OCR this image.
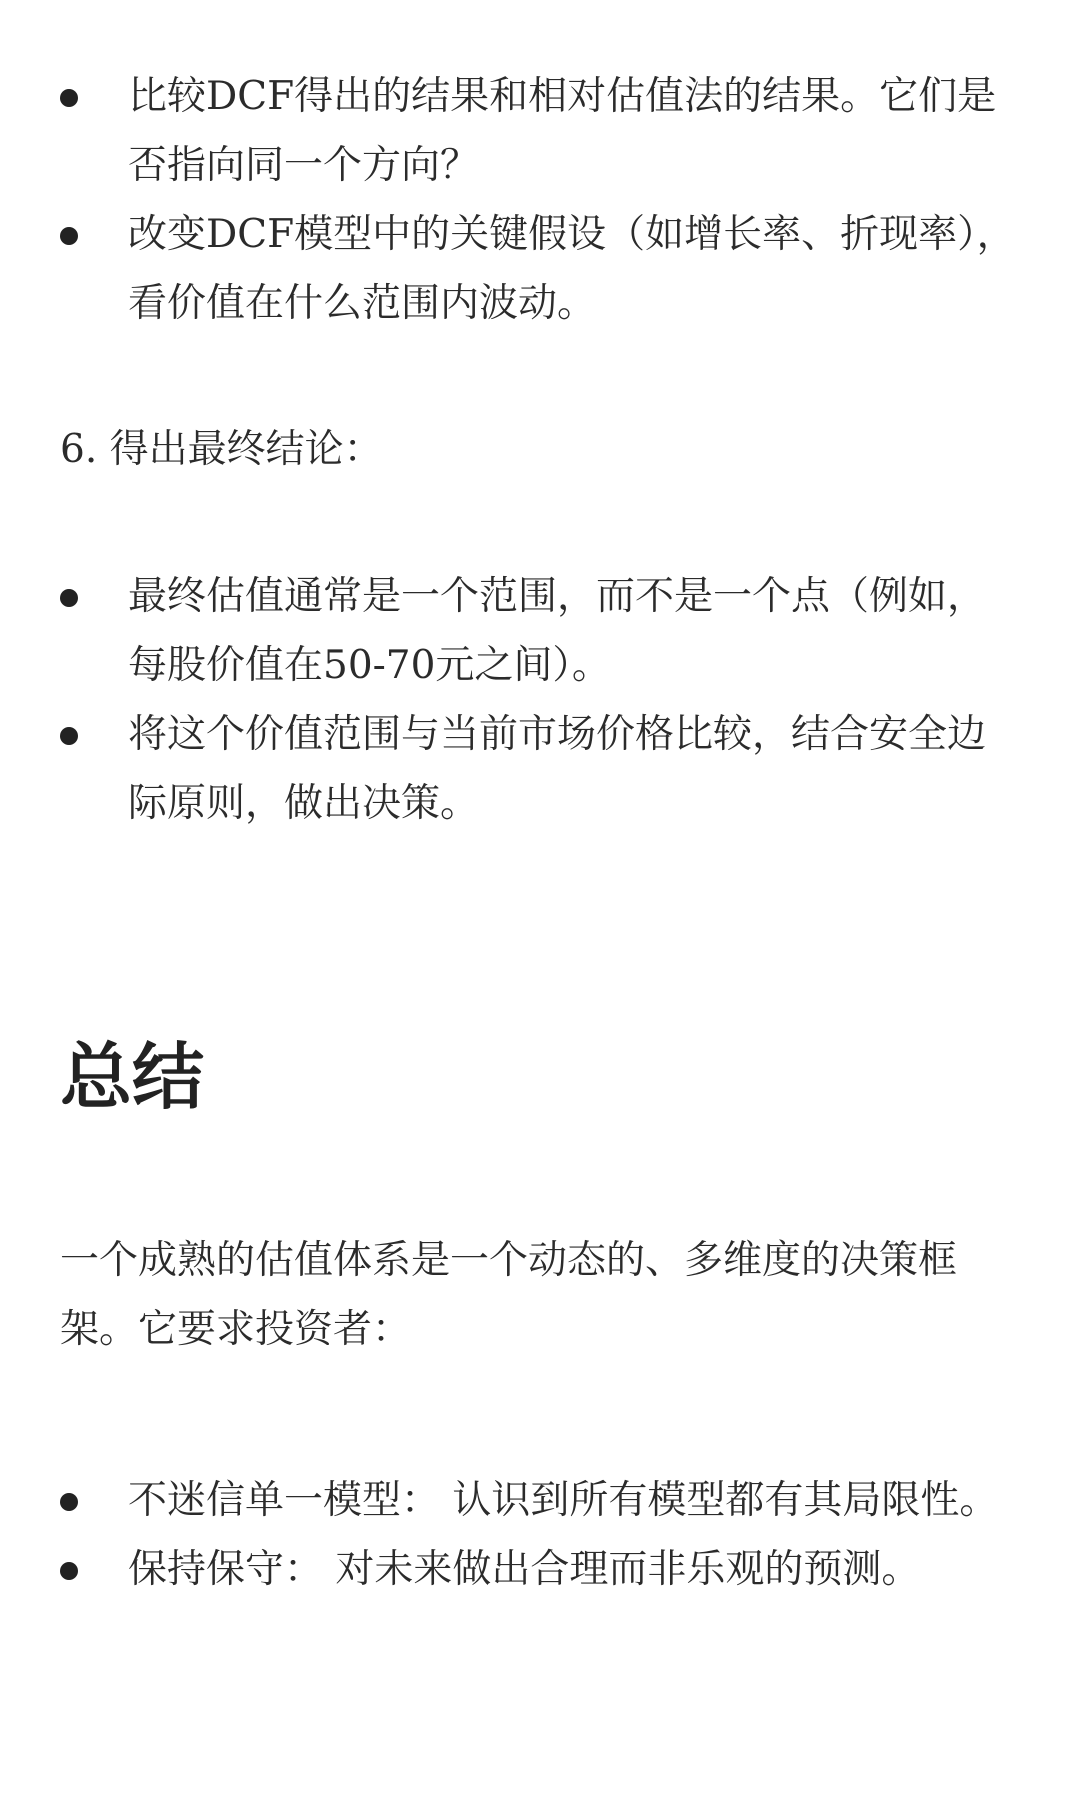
比较DCF得出的结果和相对估值法的结果。它们是否指向同一个方向？
改变DCF模型中的关键假设（如增长率、折现率），看价值在什么范围内波动。

6. 得出最终结论：

最终估值通常是一个范围，而不是一个点（例如，每股价值在50-70元之间）。
将这个价值范围与当前市场价格比较，结合安全边际原则，做出决策。
总结

一个成熟的估值体系是一个动态的、多维度的决策框架。它要求投资者：

不迷信单一模型： 认识到所有模型都有其局限性。
保持保守： 对未来做出合理而非乐观的预测。
